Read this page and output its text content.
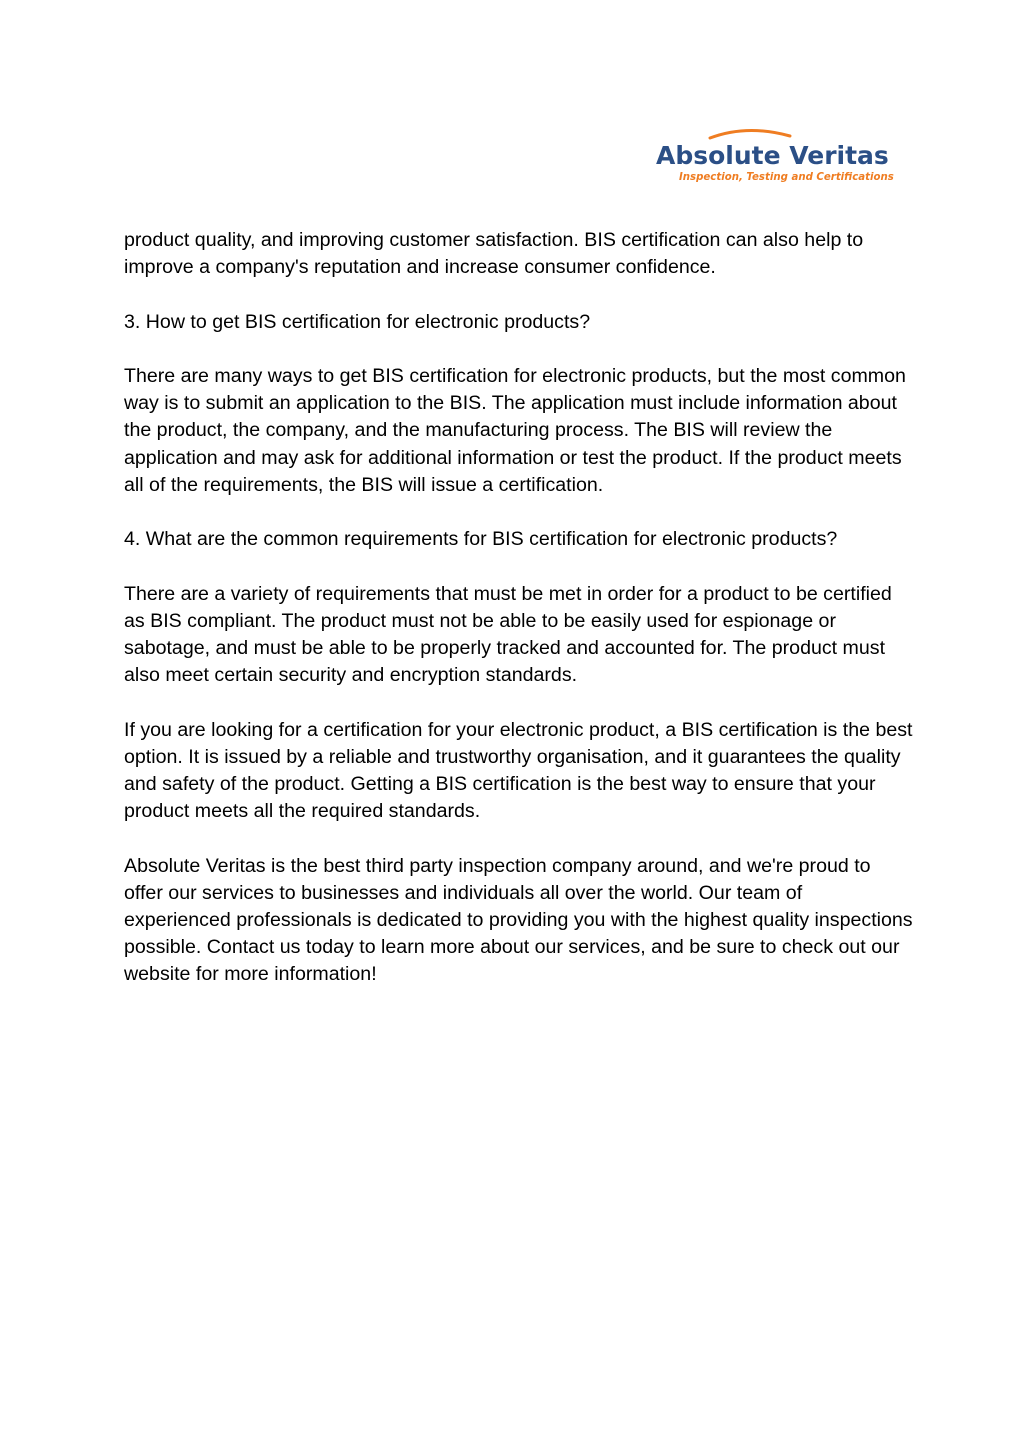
Absolute Veritas
Inspection, Testing and Certifications

product quality, and improving customer satisfaction. BIS certification can also help to improve a company's reputation and increase consumer confidence.

3. How to get BIS certification for electronic products?

There are many ways to get BIS certification for electronic products, but the most common way is to submit an application to the BIS. The application must include information about the product, the company, and the manufacturing process. The BIS will review the application and may ask for additional information or test the product. If the product meets all of the requirements, the BIS will issue a certification.

4. What are the common requirements for BIS certification for electronic products?

There are a variety of requirements that must be met in order for a product to be certified as BIS compliant. The product must not be able to be easily used for espionage or sabotage, and must be able to be properly tracked and accounted for. The product must also meet certain security and encryption standards.

If you are looking for a certification for your electronic product, a BIS certification is the best option. It is issued by a reliable and trustworthy organisation, and it guarantees the quality and safety of the product. Getting a BIS certification is the best way to ensure that your product meets all the required standards.

Absolute Veritas is the best third party inspection company around, and we're proud to offer our services to businesses and individuals all over the world. Our team of experienced professionals is dedicated to providing you with the highest quality inspections possible. Contact us today to learn more about our services, and be sure to check out our website for more information!
